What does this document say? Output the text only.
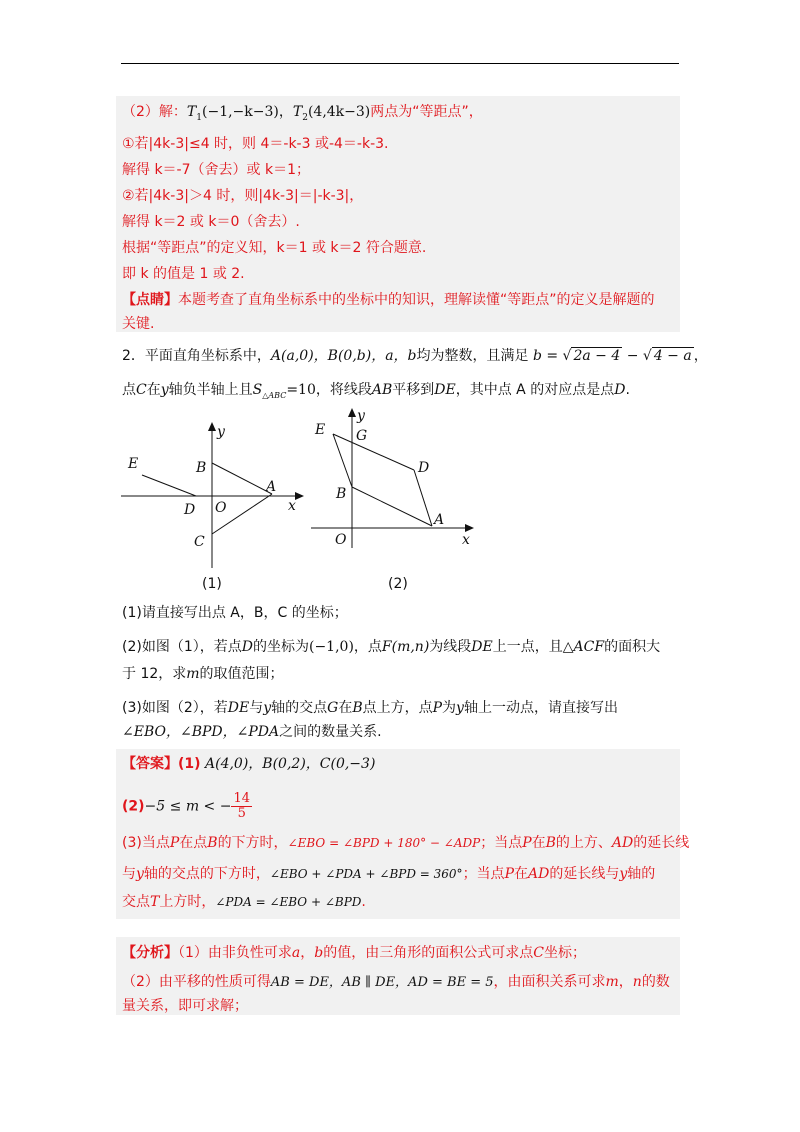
（2）解：$T_1(-1,-k-3)$，$T_2(4,4k-3)$两点为“等距点”，
①若|4k-3|≤4 时，则 4＝-k-3 或-4＝-k-3.
解得 k＝-7（舍去）或 k＝1；
②若|4k-3|＞4 时，则|4k-3|＝|-k-3|，
解得 k＝2 或 k＝0（舍去）.
根据“等距点”的定义知，k＝1 或 k＝2 符合题意.
即 k 的值是 1 或 2.
【点睛】本题考查了直角坐标系中的坐标中的知识，理解读懂“等距点”的定义是解题的
关键.
2．平面直角坐标系中，A(a,0)，B(0,b)，a，b均为整数，且满足 b = √ 2a − 4 − √ 4 − a ，
点C在y轴负半轴上且$S_{\triangle ABC}=10$，将线段AB平移到DE，其中点 A 的对应点是点D.
y
x
E	B
A
D O
C
(1)
y
x
E G
D
B
A
O
(2)
(1)请直接写出点 A，B，C 的坐标；
(2)如图（1），若点D的坐标为(−1,0)，点F(m,n)为线段DE上一点，且△ACF的面积大
于 12，求m的取值范围；
(3)如图（2），若DE与y轴的交点G在B点上方，点P为y轴上一动点，请直接写出
∠EBO，∠BPD，∠PDA之间的数量关系.
【答案】(1) A(4,0)，B(0,2)，C(0,−3)
(2)−5 ≤ m < − $\frac{14}{5}$
(3)当点P在点B的下方时，∠EBO = ∠BPD + 180° − ∠ADP；当点P在B的上方、AD的延长线
与y轴的交点的下方时，∠EBO + ∠PDA + ∠BPD = 360°；当点P在AD的延长线与y轴的
交点T上方时，∠PDA = ∠EBO + ∠BPD.
【分析】（1）由非负性可求a，b的值，由三角形的面积公式可求点C坐标；
（2）由平移的性质可得AB = DE，AB ∥ DE，AD = BE = 5，由面积关系可求m，n的数
量关系，即可求解；
